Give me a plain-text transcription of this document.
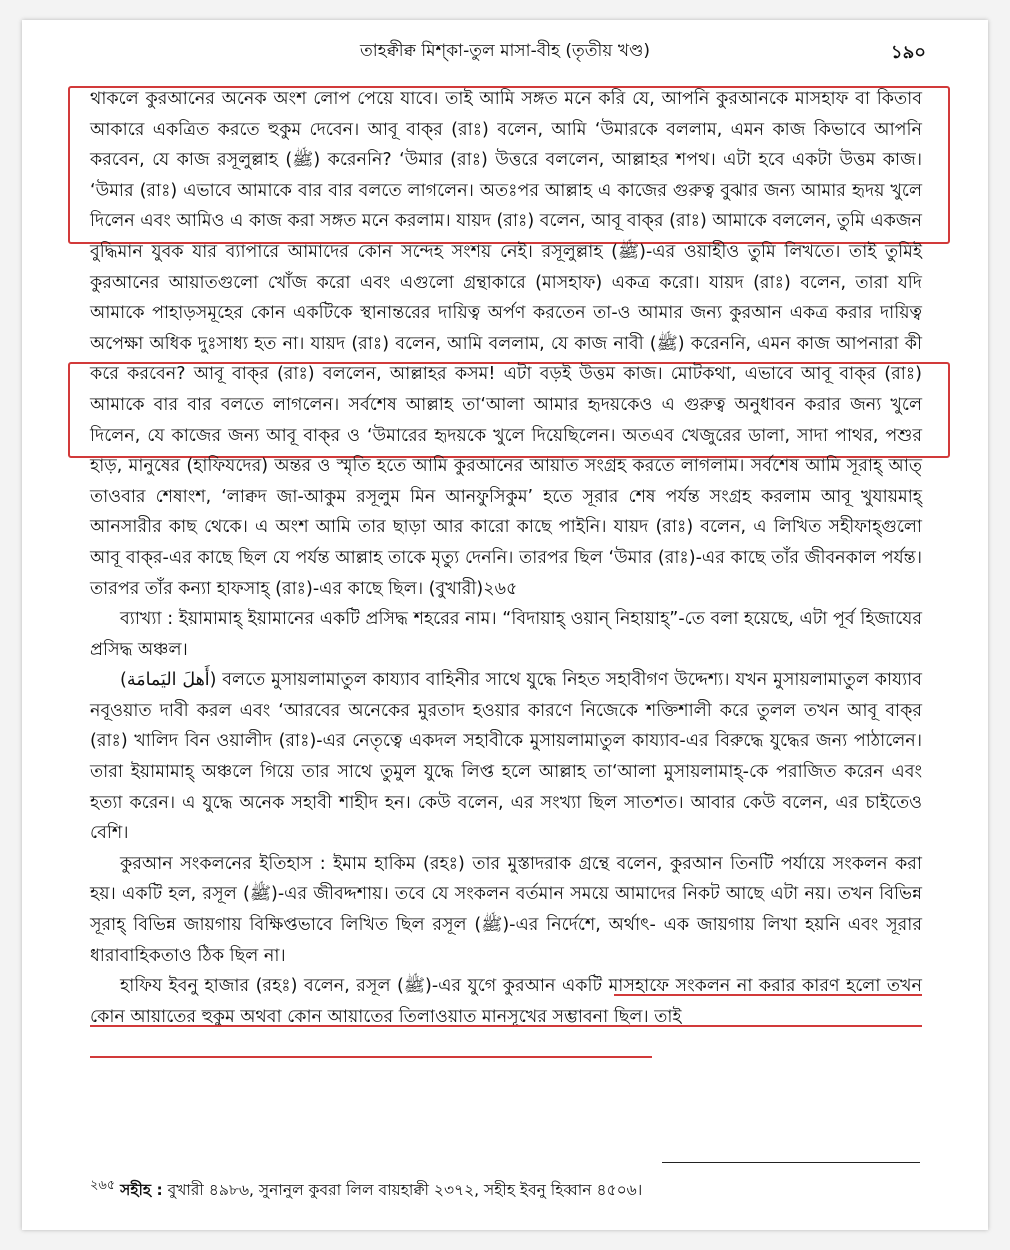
তাহক্বীক্ব মিশ্‌কা-তুল মাসা-বীহ (তৃতীয় খণ্ড)	১৯০

থাকলে কুরআনের অনেক অংশ লোপ পেয়ে যাবে। তাই আমি সঙ্গত মনে করি যে, আপনি কুরআনকে মাসহাফ বা কিতাব আকারে একত্রিত করতে হুকুম দেবেন। আবূ বাক্‌র (রাঃ) বলেন, আমি ‘উমারকে বললাম, এমন কাজ কিভাবে আপনি করবেন, যে কাজ রসূলুল্লাহ (ﷺ) করেননি? ‘উমার (রাঃ) উত্তরে বললেন, আল্লাহর শপথ। এটা হবে একটা উত্তম কাজ। ‘উমার (রাঃ) এভাবে আমাকে বার বার বলতে লাগলেন। অতঃপর আল্লাহ এ কাজের গুরুত্ব বুঝার জন্য আমার হৃদয় খুলে দিলেন এবং আমিও এ কাজ করা সঙ্গত মনে করলাম। যায়দ (রাঃ) বলেন, আবূ বাক্‌র (রাঃ) আমাকে বললেন, তুমি একজন বুদ্ধিমান যুবক যার ব্যাপারে আমাদের কোন সন্দেহ সংশয় নেই। রসূলুল্লাহ (ﷺ)-এর ওয়াহীও তুমি লিখতে। তাই তুমিই কুরআনের আয়াতগুলো খোঁজ করো এবং এগুলো গ্রন্থাকারে (মাসহাফ) একত্র করো। যায়দ (রাঃ) বলেন, তারা যদি আমাকে পাহাড়সমূহের কোন একটিকে স্থানান্তরের দায়িত্ব অর্পণ করতেন তা-ও আমার জন্য কুরআন একত্র করার দায়িত্ব অপেক্ষা অধিক দুঃসাধ্য হত না। যায়দ (রাঃ) বলেন, আমি বললাম, যে কাজ নাবী (ﷺ) করেননি, এমন কাজ আপনারা কী করে করবেন? আবূ বাক্‌র (রাঃ) বললেন, আল্লাহর কসম! এটা বড়ই উত্তম কাজ। মোটকথা, এভাবে আবূ বাক্‌র (রাঃ) আমাকে বার বার বলতে লাগলেন। সর্বশেষ আল্লাহ তা‘আলা আমার হৃদয়কেও এ গুরুত্ব অনুধাবন করার জন্য খুলে দিলেন, যে কাজের জন্য আবূ বাক্‌র ও ‘উমারের হৃদয়কে খুলে দিয়েছিলেন। অতএব খেজুরের ডালা, সাদা পাথর, পশুর হাড়, মানুষের (হাফিযদের) অন্তর ও স্মৃতি হতে আমি কুরআনের আয়াত সংগ্রহ করতে লাগলাম। সর্বশেষ আমি সূরাহ্ আত্ তাওবার শেষাংশ, ‘লাক্বদ জা-আকুম রসূলুম মিন আনফুসিকুম’ হতে সূরার শেষ পর্যন্ত সংগ্রহ করলাম আবূ খুযায়মাহ্ আনসারীর কাছ থেকে। এ অংশ আমি তার ছাড়া আর কারো কাছে পাইনি। যায়দ (রাঃ) বলেন, এ লিখিত সহীফাহ্গুলো আবূ বাক্‌র-এর কাছে ছিল যে পর্যন্ত আল্লাহ তাকে মৃত্যু দেননি। তারপর ছিল ‘উমার (রাঃ)-এর কাছে তাঁর জীবনকাল পর্যন্ত। তারপর তাঁর কন্যা হাফসাহ্ (রাঃ)-এর কাছে ছিল। (বুখারী)২৬৫

ব্যাখ্যা : ইয়ামামাহ্ ইয়ামানের একটি প্রসিদ্ধ শহরের নাম। “বিদায়াহ্ ওয়ান্ নিহায়াহ্”-তে বলা হয়েছে, এটা পূর্ব হিজাযের প্রসিদ্ধ অঞ্চল।

(أَهلَ اليَمامَة) বলতে মুসায়লামাতুল কায্যাব বাহিনীর সাথে যুদ্ধে নিহত সহাবীগণ উদ্দেশ্য। যখন মুসায়লামাতুল কায্যাব নবূওয়াত দাবী করল এবং ‘আরবের অনেকের মুরতাদ হওয়ার কারণে নিজেকে শক্তিশালী করে তুলল তখন আবূ বাক্‌র (রাঃ) খালিদ বিন ওয়ালীদ (রাঃ)-এর নেতৃত্বে একদল সহাবীকে মুসায়লামাতুল কায্যাব-এর বিরুদ্ধে যুদ্ধের জন্য পাঠালেন। তারা ইয়ামামাহ্ অঞ্চলে গিয়ে তার সাথে তুমুল যুদ্ধে লিপ্ত হলে আল্লাহ তা‘আলা মুসায়লামাহ্-কে পরাজিত করেন এবং হত্যা করেন। এ যুদ্ধে অনেক সহাবী শাহীদ হন। কেউ বলেন, এর সংখ্যা ছিল সাতশত। আবার কেউ বলেন, এর চাইতেও বেশি।

কুরআন সংকলনের ইতিহাস : ইমাম হাকিম (রহঃ) তার মুস্তাদরাক গ্রন্থে বলেন, কুরআন তিনটি পর্যায়ে সংকলন করা হয়। একটি হল, রসূল (ﷺ)-এর জীবদ্দশায়। তবে যে সংকলন বর্তমান সময়ে আমাদের নিকট আছে এটা নয়। তখন বিভিন্ন সূরাহ্ বিভিন্ন জায়গায় বিক্ষিপ্তভাবে লিখিত ছিল রসূল (ﷺ)-এর নির্দেশে, অর্থাৎ- এক জায়গায় লিখা হয়নি এবং সূরার ধারাবাহিকতাও ঠিক ছিল না।

হাফিয ইবনু হাজার (রহঃ) বলেন, রসূল (ﷺ)-এর যুগে কুরআন একটি মাসহাফে সংকলন না করার কারণ হলো তখন কোন আয়াতের হুকুম অথবা কোন আয়াতের তিলাওয়াত মানসূখের সম্ভাবনা ছিল। তাই

$^{২৬৫}$ সহীহ : বুখারী ৪৯৮৬, সুনানুল কুবরা লিল বায়হাক্বী ২৩৭২, সহীহ ইবনু হিব্বান ৪৫০৬।
